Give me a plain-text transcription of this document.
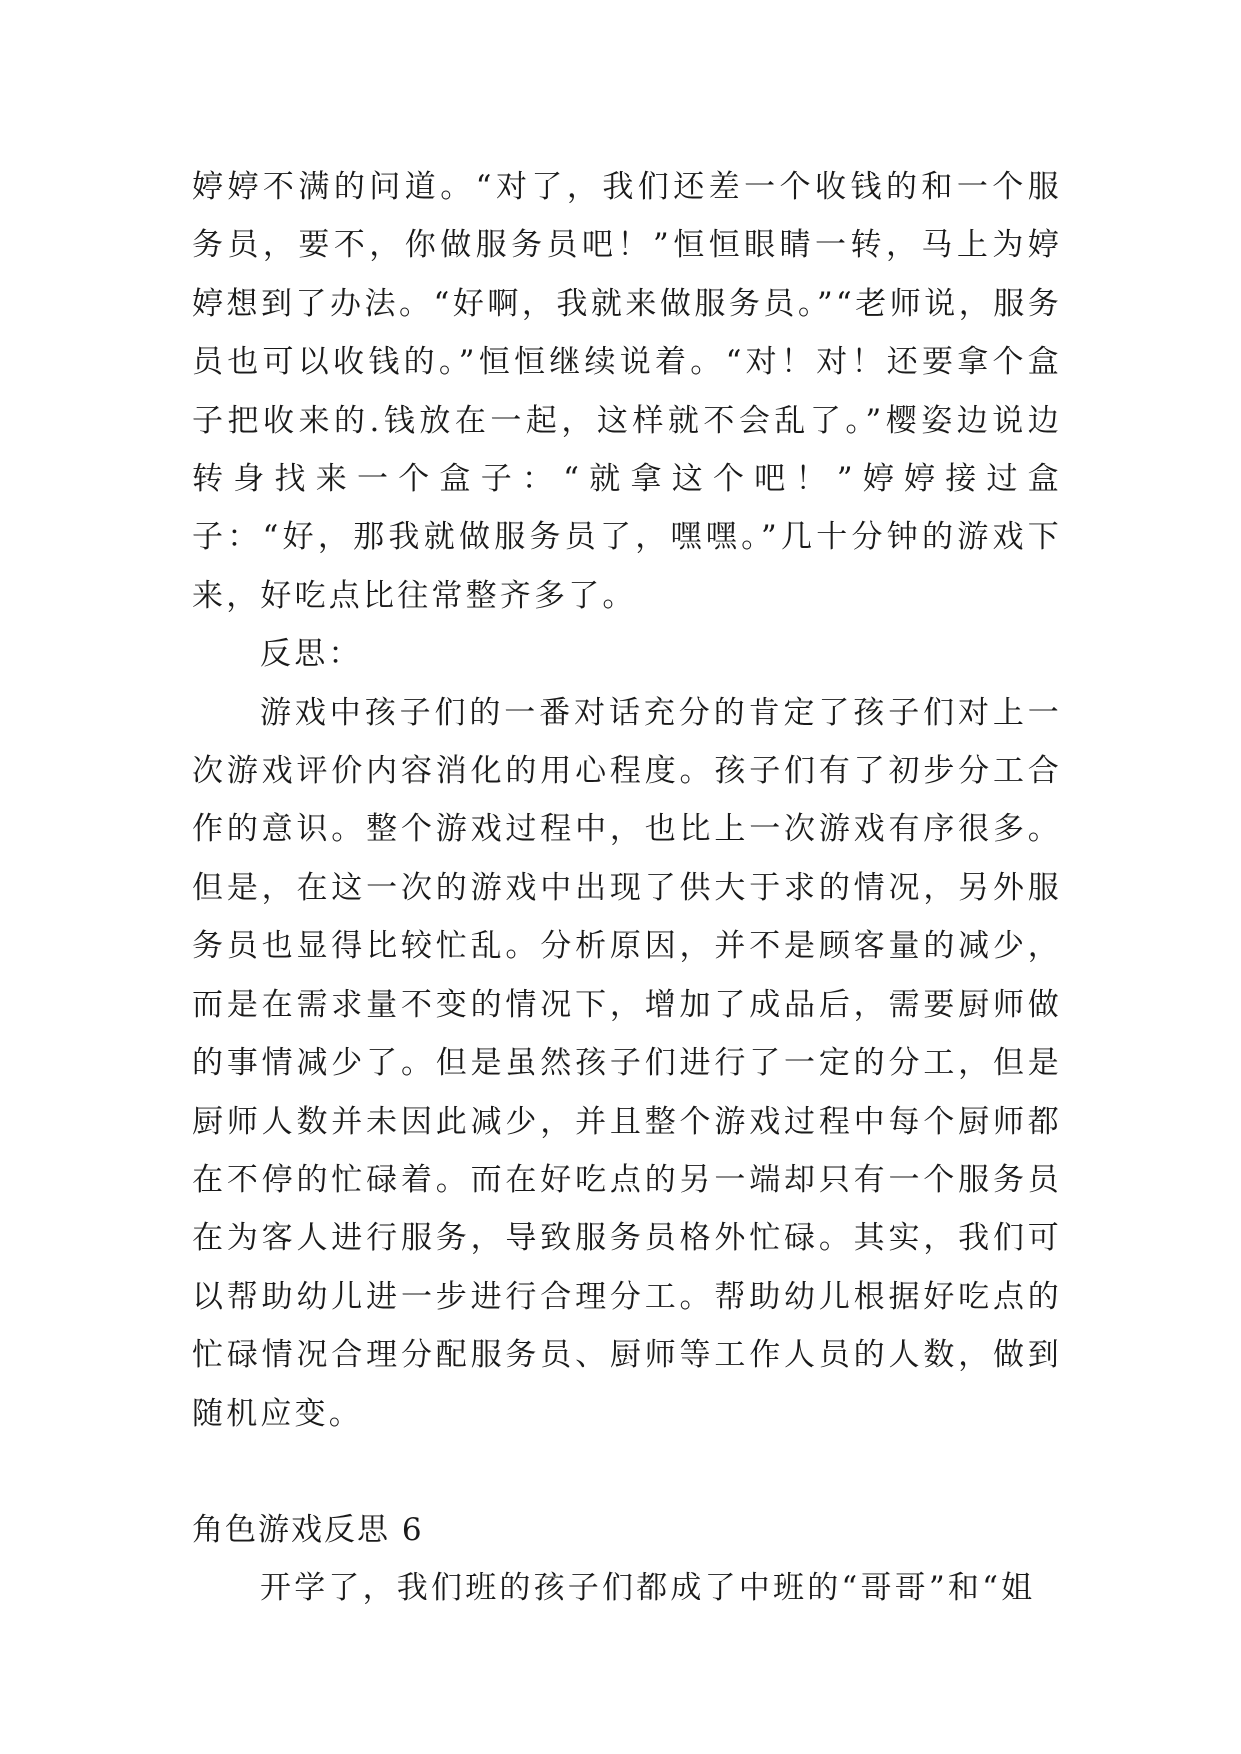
婷婷不满的问道。“对了，我们还差一个收钱的和一个服务员，要不，你做服务员吧！”恒恒眼睛一转，马上为婷婷想到了办法。“好啊，我就来做服务员。”“老师说，服务员也可以收钱的。”恒恒继续说着。“对！对！还要拿个盒子把收来的.钱放在一起，这样就不会乱了。”樱姿边说边转身找来一个盒子：“就拿这个吧！”婷婷接过盒子：“好，那我就做服务员了，嘿嘿。”几十分钟的游戏下来，好吃点比往常整齐多了。

反思：

游戏中孩子们的一番对话充分的肯定了孩子们对上一次游戏评价内容消化的用心程度。孩子们有了初步分工合作的意识。整个游戏过程中，也比上一次游戏有序很多。但是，在这一次的游戏中出现了供大于求的情况，另外服务员也显得比较忙乱。分析原因，并不是顾客量的减少，而是在需求量不变的情况下，增加了成品后，需要厨师做的事情减少了。但是虽然孩子们进行了一定的分工，但是厨师人数并未因此减少，并且整个游戏过程中每个厨师都在不停的忙碌着。而在好吃点的另一端却只有一个服务员在为客人进行服务，导致服务员格外忙碌。其实，我们可以帮助幼儿进一步进行合理分工。帮助幼儿根据好吃点的忙碌情况合理分配服务员、厨师等工作人员的人数，做到随机应变。

角色游戏反思 6

开学了，我们班的孩子们都成了中班的“哥哥”和“姐
